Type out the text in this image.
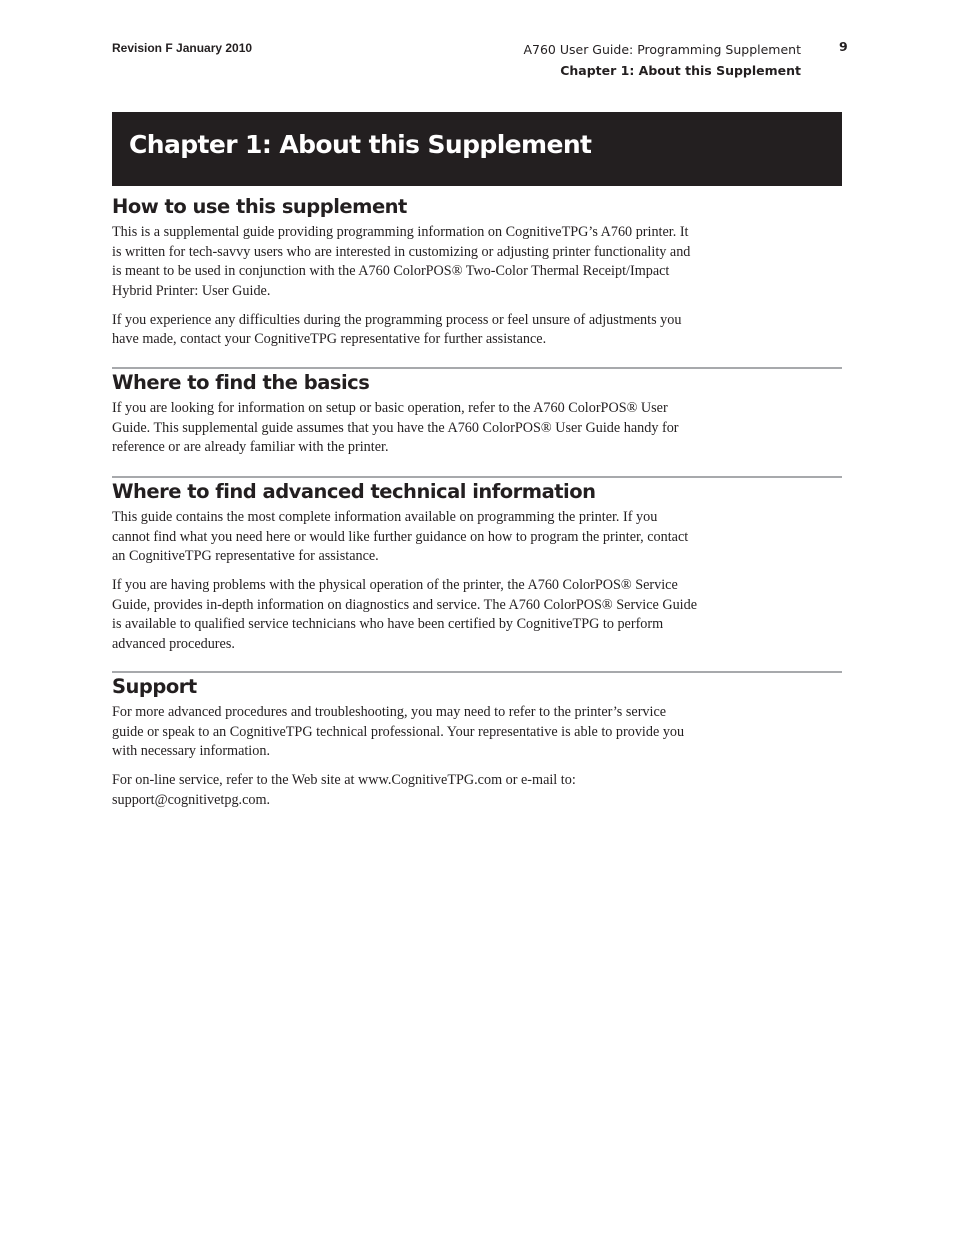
Revision F January 2010	A760 User Guide: Programming Supplement
Chapter 1: About this Supplement
9
Chapter 1: About this Supplement
How to use this supplement

This is a supplemental guide providing programming information on CognitiveTPG’s A760 printer. It is written for tech-savvy users who are interested in customizing or adjusting printer functionality and is meant to be used in conjunction with the A760 ColorPOS® Two-Color Thermal Receipt/Impact Hybrid Printer: User Guide.

If you experience any difficulties during the programming process or feel unsure of adjustments you have made, contact your CognitiveTPG representative for further assistance.

Where to find the basics

If you are looking for information on setup or basic operation, refer to the A760 ColorPOS® User Guide. This supplemental guide assumes that you have the A760 ColorPOS® User Guide handy for reference or are already familiar with the printer.

Where to find advanced technical information

This guide contains the most complete information available on programming the printer. If you cannot find what you need here or would like further guidance on how to program the printer, contact an CognitiveTPG representative for assistance.

If you are having problems with the physical operation of the printer, the A760 ColorPOS® Service Guide, provides in-depth information on diagnostics and service. The A760 ColorPOS® Service Guide is available to qualified service technicians who have been certified by CognitiveTPG to perform advanced procedures.

Support

For more advanced procedures and troubleshooting, you may need to refer to the printer’s service guide or speak to an CognitiveTPG technical professional. Your representative is able to provide you with necessary information.

For on-line service, refer to the Web site at www.CognitiveTPG.com or e-mail to: support@cognitivetpg.com.
